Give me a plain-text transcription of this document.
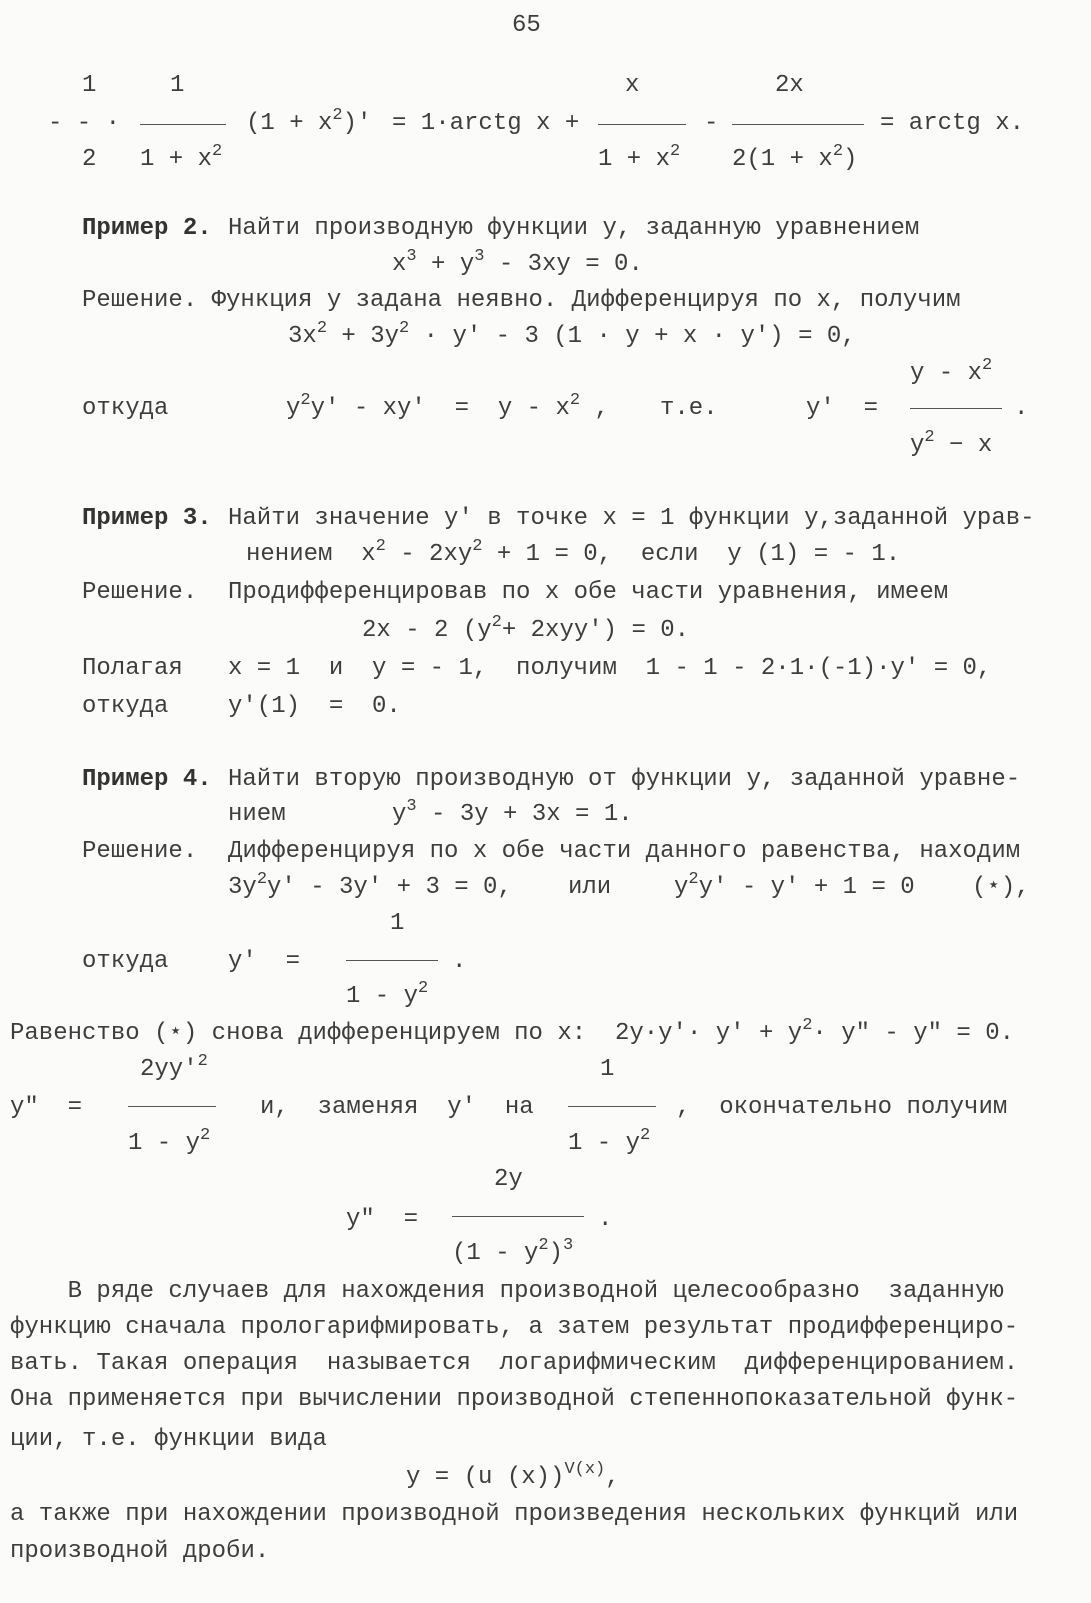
65
1
- - ·
2
1
$1 + x^2$
$(1 + x^2)'$ = 1·arctg x +
x
$1 + x^2$
-
2x
$2(1 + x^2)$
= arctg x.
Пример 2. Найти производную функции y, заданную уравнением
$x^3 + y^3 - 3xy = 0$.
Решение. Функция y задана неявно. Дифференцируя по x, получим
$3x^2 + 3y^2 \cdot y' - 3$ (1 · y + x · y′) = 0,
откуда	$y^2y' - xy' = y - x^2$ , т.е.	y′  =
y - $x^2$
$y^2 - x$
.
Пример 3. Найти значение y′ в точке x = 1 функции y,заданной урав-
нением  $x^2 - 2xy^2 + 1 = 0$,  если  y (1) = - 1.
Решение. Продифференцировав по x обе части уравнения, имеем
2x - 2 $(y^2+ 2xyy') = 0$.
Полагая x = 1  и  y = - 1,  получим  1 - 1 - 2·1·(-1)·y′ = 0,
откуда y′(1)  =  0.
Пример 4. Найти вторую производную от функции y, заданной уравне-
нием	$y^3 - 3y + 3x = 1$.
Решение. Дифференцируя по x обе части данного равенства, находим
$3y^2y' - 3y' + 3 = 0$, или	$y^2y' - y' + 1 = 0$ (⋆),
1
откуда y′  =
$1 - y^2$
.
Равенство (⋆) снова дифференцируем по x:  $2y\cdot y'\cdot y' + y^2\cdot y$" - y" = 0.
$2yy'^2$
y"  =
$1 - y^2$
и,  заменяя  y′  на
1
$1 - y^2$
,  окончательно получим
2y
y"  =
$(1 - y^2)^3$
.
В ряде случаев для нахождения производной целесообразно  заданную
функцию сначала прологарифмировать, а затем результат продифференциро-
вать. Такая операция  называется  логарифмическим  дифференцированием.
Она применяется при вычислении производной степеннопоказательной функ-
ции, т.е. функции вида
y = (u (x))$^{V(x)}$,
а также при нахождении производной произведения нескольких функций или
производной дроби.
